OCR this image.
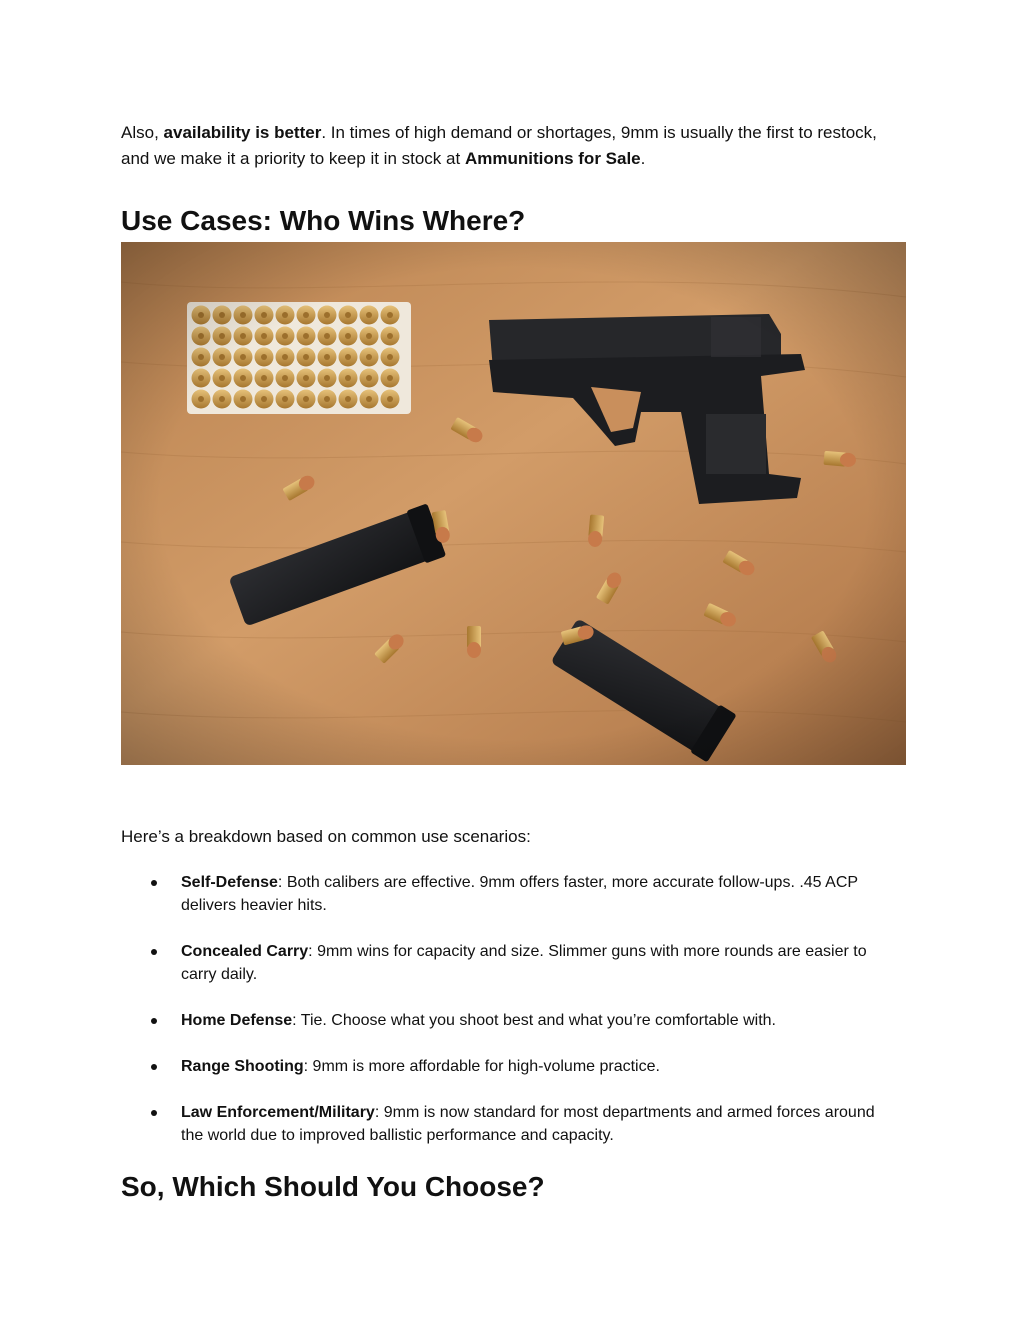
Also, availability is better. In times of high demand or shortages, 9mm is usually the first to restock, and we make it a priority to keep it in stock at Ammunitions for Sale.

Use Cases: Who Wins Where?

Here’s a breakdown based on common use scenarios:

Self-Defense: Both calibers are effective. 9mm offers faster, more accurate follow-ups. .45 ACP delivers heavier hits.
Concealed Carry: 9mm wins for capacity and size. Slimmer guns with more rounds are easier to carry daily.
Home Defense: Tie. Choose what you shoot best and what you’re comfortable with.
Range Shooting: 9mm is more affordable for high-volume practice.
Law Enforcement/Military: 9mm is now standard for most departments and armed forces around the world due to improved ballistic performance and capacity.
So, Which Should You Choose?
